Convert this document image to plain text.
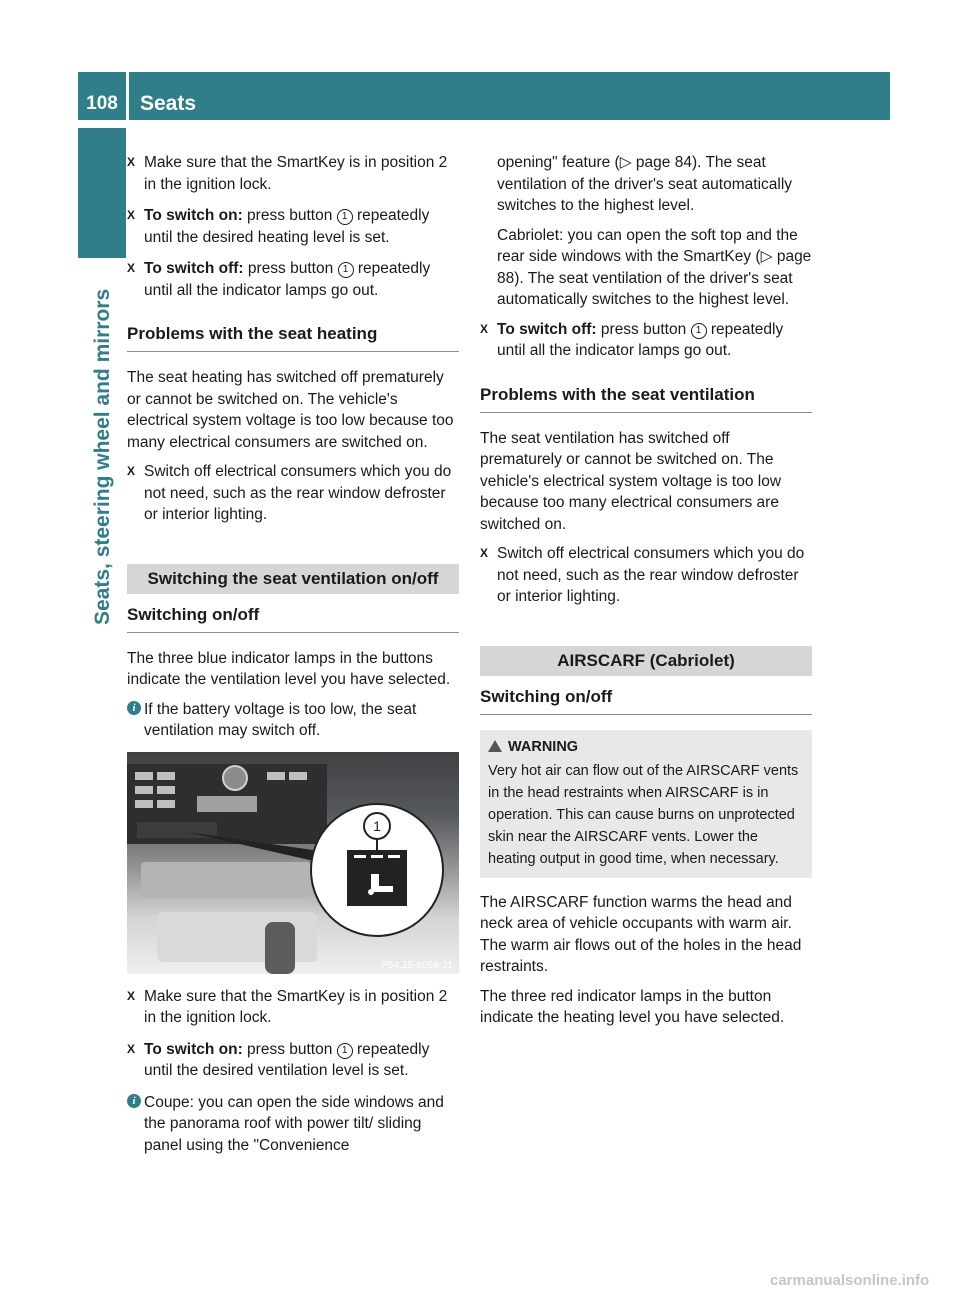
108	Seats
Seats, steering wheel and mirrors
X Make sure that the SmartKey is in position 2 in the ignition lock.
X To switch on: press button 1 repeatedly until the desired heating level is set.
X To switch off: press button 1 repeatedly until all the indicator lamps go out.
Problems with the seat heating

The seat heating has switched off prematurely or cannot be switched on. The vehicle's electrical system voltage is too low because too many electrical consumers are switched on.

X Switch off electrical consumers which you do not need, such as the rear window defroster or interior lighting.
Switching the seat ventilation on/off
Switching on/off

The three blue indicator lamps in the buttons indicate the ventilation level you have selected.

i If the battery voltage is too low, the seat ventilation may switch off.
1
P54.25-8068-31
X Make sure that the SmartKey is in position 2 in the ignition lock.
X To switch on: press button 1 repeatedly until the desired ventilation level is set.
i Coupe: you can open the side windows and the panorama roof with power tilt/ sliding panel using the "Convenience

opening" feature (▷ page 84). The seat ventilation of the driver's seat automatically switches to the highest level.

Cabriolet: you can open the soft top and the rear side windows with the SmartKey (▷ page 88). The seat ventilation of the driver's seat automatically switches to the highest level.

X To switch off: press button 1 repeatedly until all the indicator lamps go out.
Problems with the seat ventilation

The seat ventilation has switched off prematurely or cannot be switched on. The vehicle's electrical system voltage is too low because too many electrical consumers are switched on.

X Switch off electrical consumers which you do not need, such as the rear window defroster or interior lighting.
AIRSCARF (Cabriolet)
Switching on/off
WARNING

Very hot air can flow out of the AIRSCARF vents in the head restraints when AIRSCARF is in operation. This can cause burns on unprotected skin near the AIRSCARF vents. Lower the heating output in good time, when necessary.

The AIRSCARF function warms the head and neck area of vehicle occupants with warm air. The warm air flows out of the holes in the head restraints.

The three red indicator lamps in the button indicate the heating level you have selected.

carmanualsonline.info
